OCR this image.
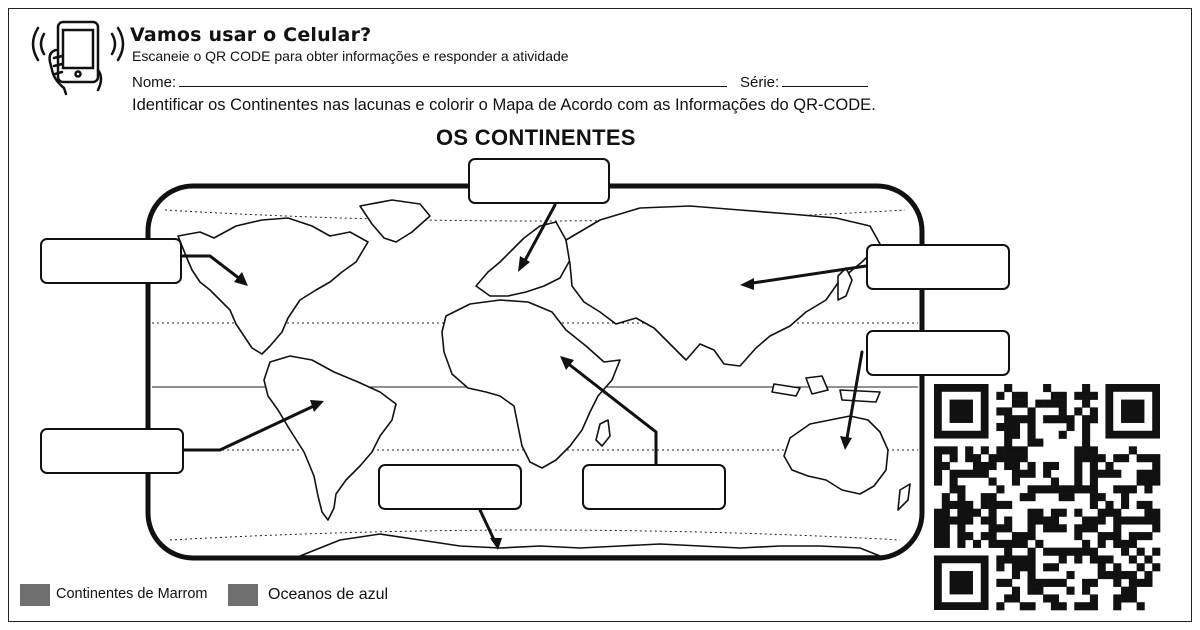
Vamos usar o Celular?
Escaneie o QR CODE para obter informações e responder a atividade
Nome:	Série:
Identificar os Continentes nas lacunas e colorir o Mapa de Acordo com as Informações do QR-CODE.
OS CONTINENTES
Continentes de Marrom	Oceanos de azul
